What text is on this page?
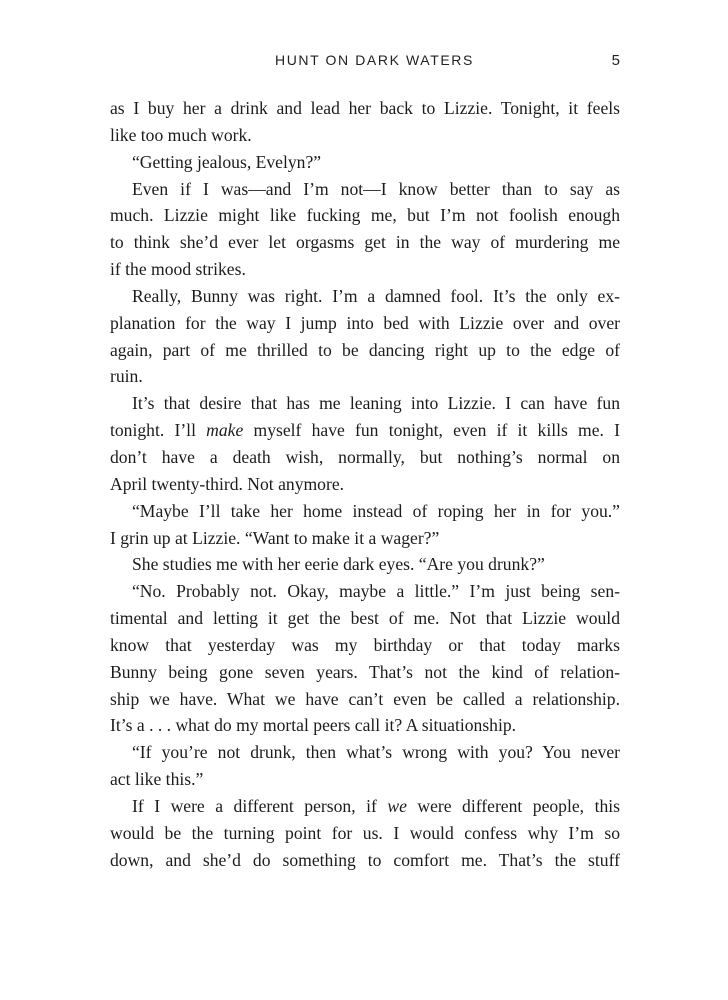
HUNT ON DARK WATERS	5
as I buy her a drink and lead her back to Lizzie. Tonight, it feels
like too much work.
“Getting jealous, Evelyn?”
Even if I was—and I’m not—I know better than to say as
much. Lizzie might like fucking me, but I’m not foolish enough
to think she’d ever let orgasms get in the way of murdering me
if the mood strikes.
Really, Bunny was right. I’m a damned fool. It’s the only ex-
planation for the way I jump into bed with Lizzie over and over
again, part of me thrilled to be dancing right up to the edge of
ruin.
It’s that desire that has me leaning into Lizzie. I can have fun
tonight. I’ll make myself have fun tonight, even if it kills me. I
don’t have a death wish, normally, but nothing’s normal on
April twenty-third. Not anymore.
“Maybe I’ll take her home instead of roping her in for you.”
I grin up at Lizzie. “Want to make it a wager?”
She studies me with her eerie dark eyes. “Are you drunk?”
“No. Probably not. Okay, maybe a little.” I’m just being sen-
timental and letting it get the best of me. Not that Lizzie would
know that yesterday was my birthday or that today marks
Bunny being gone seven years. That’s not the kind of relation-
ship we have. What we have can’t even be called a relationship.
It’s a . . . what do my mortal peers call it? A situationship.
“If you’re not drunk, then what’s wrong with you? You never
act like this.”
If I were a different person, if we were different people, this
would be the turning point for us. I would confess why I’m so
down, and she’d do something to comfort me. That’s the stuff
